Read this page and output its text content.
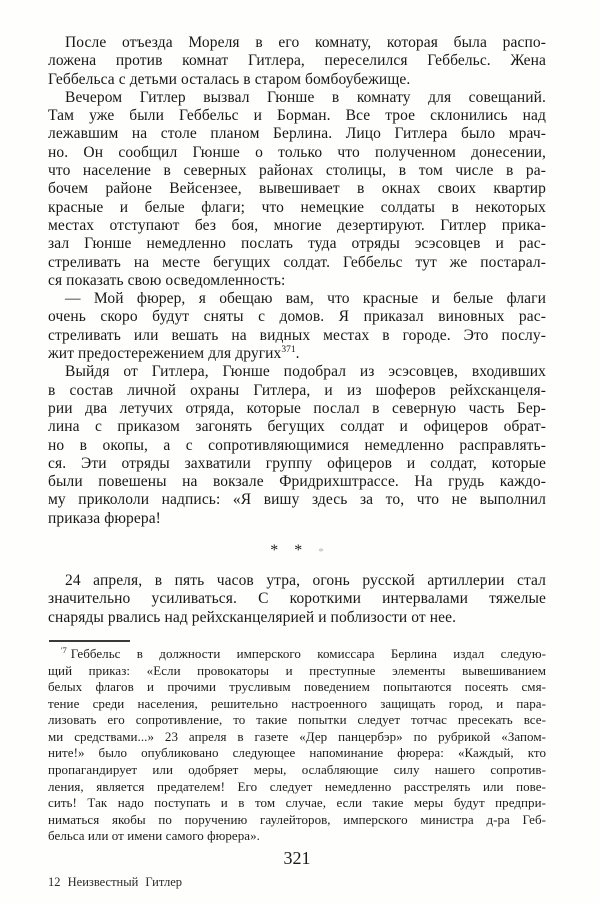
После отъезда Мореля в его комнату, которая была распо-
ложена против комнат Гитлера, переселился Геббельс. Жена
Геббельса с детьми осталась в старом бомбоубежище.
Вечером Гитлер вызвал Гюнше в комнату для совещаний.
Там уже были Геббельс и Борман. Все трое склонились над
лежавшим на столе планом Берлина. Лицо Гитлера было мрач-
но. Он сообщил Гюнше о только что полученном донесении,
что население в северных районах столицы, в том числе в ра-
бочем районе Вейсензее, вывешивает в окнах своих квартир
красные и белые флаги; что немецкие солдаты в некоторых
местах отступают без боя, многие дезертируют. Гитлер прика-
зал Гюнше немедленно послать туда отряды эсэсовцев и рас-
стреливать на месте бегущих солдат. Геббельс тут же постарал-
ся показать свою осведомленность:
— Мой фюрер, я обещаю вам, что красные и белые флаги
очень скоро будут сняты с домов. Я приказал виновных рас-
стреливать или вешать на видных местах в городе. Это послу-
жит предостережением для других$^{371}$.
Выйдя от Гитлера, Гюнше подобрал из эсэсовцев, входивших
в состав личной охраны Гитлера, и из шоферов рейхсканцеля-
рии два летучих отряда, которые послал в северную часть Бер-
лина с приказом загонять бегущих солдат и офицеров обрат-
но в окопы, а с сопротивляющимися немедленно расправлять-
ся. Эти отряды захватили группу офицеров и солдат, которые
были повешены на вокзале Фридрихштрассе. На грудь каждо-
му прикололи надпись: «Я вишу здесь за то, что не выполнил
приказа фюрера!
* * *
24 апреля, в пять часов утра, огонь русской артиллерии стал
значительно усиливаться. С короткими интервалами тяжелые
снаряды рвались над рейхсканцелярией и поблизости от нее.
$^{'7}$ Геббельс в должности имперского комиссара Берлина издал следую-
щий приказ: «Если провокаторы и преступные элементы вывешиванием
белых флагов и прочими трусливым поведением попытаются посеять смя-
тение среди населения, решительно настроенного защищать город, и пара-
лизовать его сопротивление, то такие попытки следует тотчас пресекать все-
ми средствами...» 23 апреля в газете «Дер панцербэр» по рубрикой «Запом-
ните!» было опубликовано следующее напоминание фюрера: «Каждый, кто
пропагандирует или одобряет меры, ослабляющие силу нашего сопротив-
ления, является предателем! Его следует немедленно расстрелять или пове-
сить! Так надо поступать и в том случае, если такие меры будут предпри-
ниматься якобы по поручению гаулейторов, имперского министра д-ра Геб-
бельса или от имени самого фюрера».
321
12 Неизвестный Гитлер
